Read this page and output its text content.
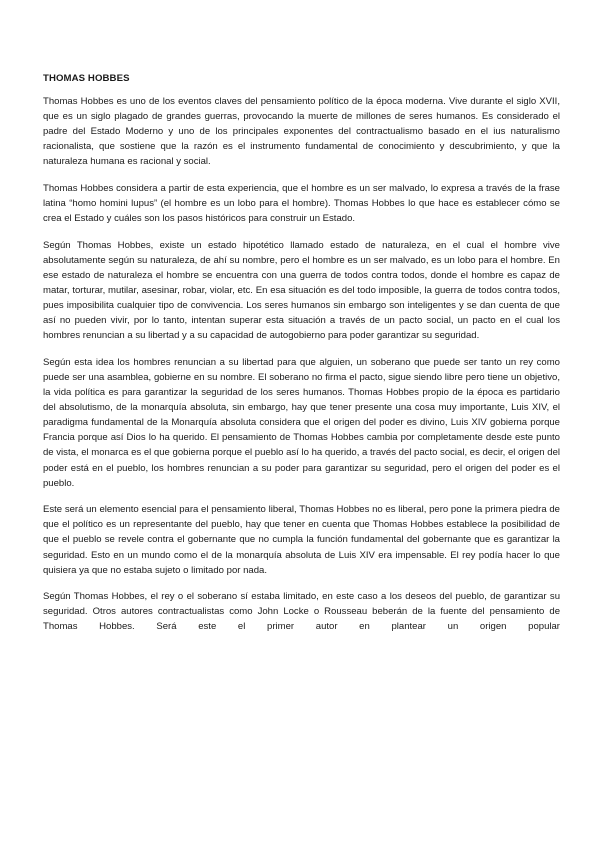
THOMAS HOBBES

Thomas Hobbes es uno de los eventos claves del pensamiento político de la época moderna. Vive durante el siglo XVII, que es un siglo plagado de grandes guerras, provocando la muerte de millones de seres humanos. Es considerado el padre del Estado Moderno y uno de los principales exponentes del contractualismo basado en el ius naturalismo racionalista, que sostiene que la razón es el instrumento fundamental de conocimiento y descubrimiento, y que la naturaleza humana es racional y social.

Thomas Hobbes considera a partir de esta experiencia, que el hombre es un ser malvado, lo expresa a través de la frase latina “homo homini lupus” (el hombre es un lobo para el hombre). Thomas Hobbes lo que hace es establecer cómo se crea el Estado y cuáles son los pasos históricos para construir un Estado.

Según Thomas Hobbes, existe un estado hipotético llamado estado de naturaleza, en el cual el hombre vive absolutamente según su naturaleza, de ahí su nombre, pero el hombre es un ser malvado, es un lobo para el hombre. En ese estado de naturaleza el hombre se encuentra con una guerra de todos contra todos, donde el hombre es capaz de matar, torturar, mutilar, asesinar, robar, violar, etc. En esa situación es del todo imposible, la guerra de todos contra todos, pues imposibilita cualquier tipo de convivencia. Los seres humanos sin embargo son inteligentes y se dan cuenta de que así no pueden vivir, por lo tanto, intentan superar esta situación a través de un pacto social, un pacto en el cual los hombres renuncian a su libertad y a su capacidad de autogobierno para poder garantizar su seguridad.

Según esta idea los hombres renuncian a su libertad para que alguien, un soberano que puede ser tanto un rey como puede ser una asamblea, gobierne en su nombre. El soberano no firma el pacto, sigue siendo libre pero tiene un objetivo, la vida política es para garantizar la seguridad de los seres humanos. Thomas Hobbes propio de la época es partidario del absolutismo, de la monarquía absoluta, sin embargo, hay que tener presente una cosa muy importante, Luis XIV, el paradigma fundamental de la Monarquía absoluta considera que el origen del poder es divino, Luis XIV gobierna porque Francia porque así Dios lo ha querido. El pensamiento de Thomas Hobbes cambia por completamente desde este punto de vista, el monarca es el que gobierna porque el pueblo así lo ha querido, a través del pacto social, es decir, el origen del poder está en el pueblo, los hombres renuncian a su poder para garantizar su seguridad, pero el origen del poder es el pueblo.

Este será un elemento esencial para el pensamiento liberal, Thomas Hobbes no es liberal, pero pone la primera piedra de que el político es un representante del pueblo, hay que tener en cuenta que Thomas Hobbes establece la posibilidad de que el pueblo se revele contra el gobernante que no cumpla la función fundamental del gobernante que es garantizar la seguridad. Esto en un mundo como el de la monarquía absoluta de Luis XIV era impensable. El rey podía hacer lo que quisiera ya que no estaba sujeto o limitado por nada.

Según Thomas Hobbes, el rey o el soberano sí estaba limitado, en este caso a los deseos del pueblo, de garantizar su seguridad. Otros autores contractualistas como John Locke o Rousseau beberán de la fuente del pensamiento de Thomas Hobbes. Será este el primer autor en plantear un origen popular
